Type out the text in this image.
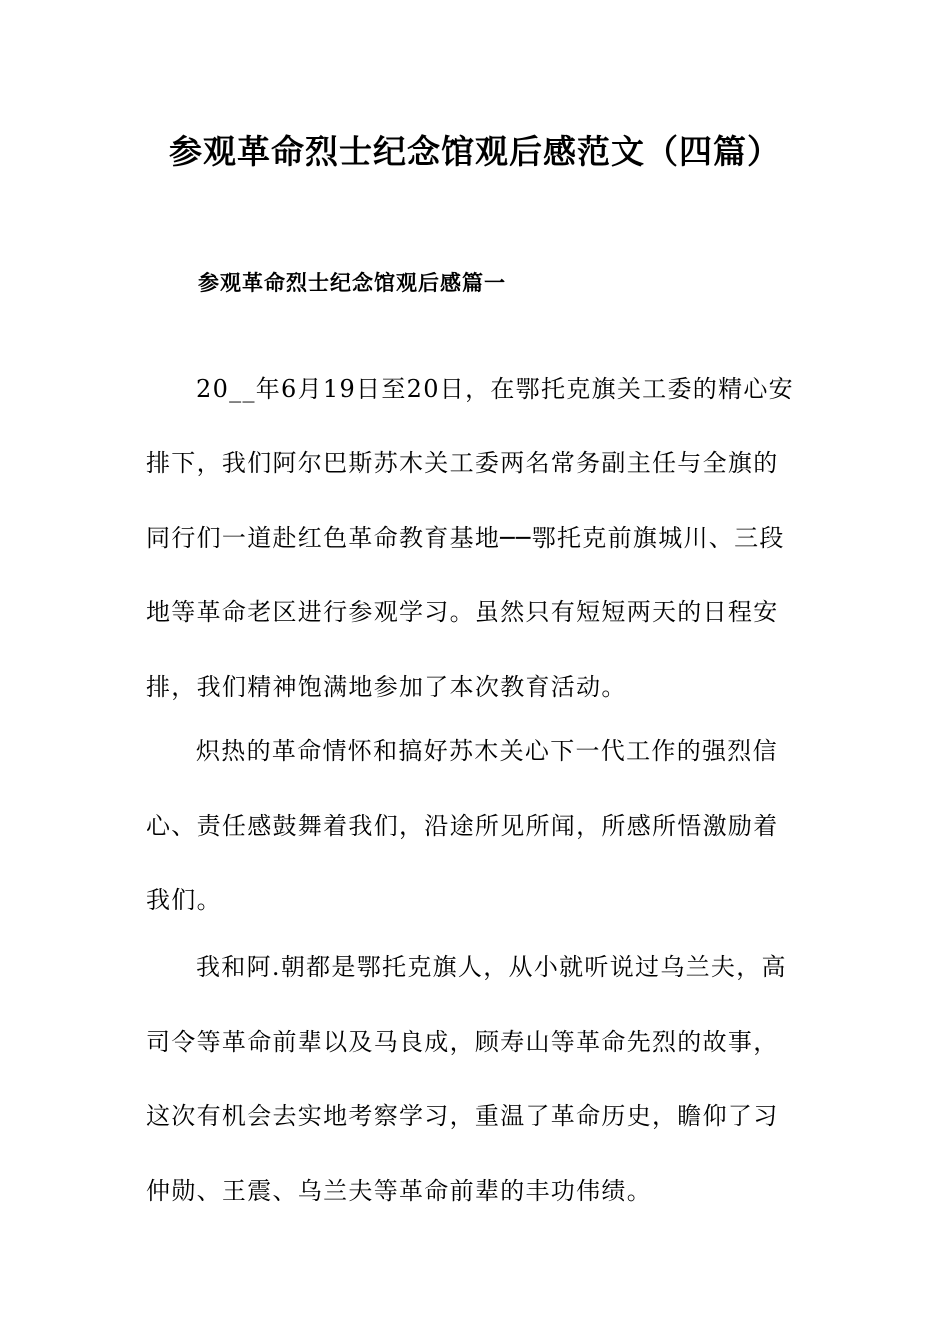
参观革命烈士纪念馆观后感范文（四篇）
参观革命烈士纪念馆观后感篇一

20__年6月19日至20日，在鄂托克旗关工委的精心安

排下，我们阿尔巴斯苏木关工委两名常务副主任与全旗的

同行们一道赴红色革命教育基地──鄂托克前旗城川、三段

地等革命老区进行参观学习。虽然只有短短两天的日程安

排，我们精神饱满地参加了本次教育活动。

炽热的革命情怀和搞好苏木关心下一代工作的强烈信

心、责任感鼓舞着我们，沿途所见所闻，所感所悟激励着

我们。

我和阿.朝都是鄂托克旗人，从小就听说过乌兰夫，高

司令等革命前辈以及马良成，顾寿山等革命先烈的故事，

这次有机会去实地考察学习，重温了革命历史，瞻仰了习

仲勋、王震、乌兰夫等革命前辈的丰功伟绩。
